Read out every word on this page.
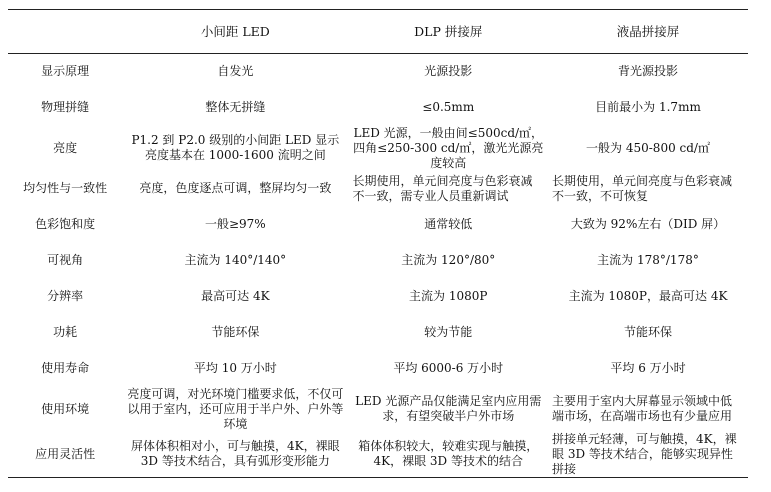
	小间距 LED	DLP 拼接屏	液晶拼接屏
显示原理	自发光	光源投影	背光源投影
物理拼缝	整体无拼缝	≤0.5mm	目前最小为 1.7mm
亮度	P1.2 到 P2.0 级别的小间距 LED 显示亮度基本在 1000-1600 流明之间	LED 光源，一般由间≤500cd/㎡，四角≤250-300 cd/㎡，激光光源亮度较高	一般为 450-800 cd/㎡
均匀性与一致性	亮度，色度逐点可调，整屏均匀一致	长期使用，单元间亮度与色彩衰减不一致，需专业人员重新调试	长期使用，单元间亮度与色彩衰减不一致，不可恢复
色彩饱和度	一般≥97%	通常较低	大致为 92%左右（DID 屏）
可视角	主流为 140°/140°	主流为 120°/80°	主流为 178°/178°
分辨率	最高可达 4K	主流为 1080P	主流为 1080P，最高可达 4K
功耗	节能环保	较为节能	节能环保
使用寿命	平均 10 万小时	平均 6000-6 万小时	平均 6 万小时
使用环境	亮度可调，对光环境门槛要求低，不仅可以用于室内，还可应用于半户外、户外等环境	LED 光源产品仅能满足室内应用需求，有望突破半户外市场	主要用于室内大屏幕显示领域中低端市场，在高端市场也有少量应用
应用灵活性	屏体体积相对小，可与触摸，4K，裸眼 3D 等技术结合，具有弧形变形能力	箱体体积较大，较难实现与触摸，4K，裸眼 3D 等技术的结合	拼接单元轻薄，可与触摸，4K，裸眼 3D 等技术结合，能够实现异性拼接
